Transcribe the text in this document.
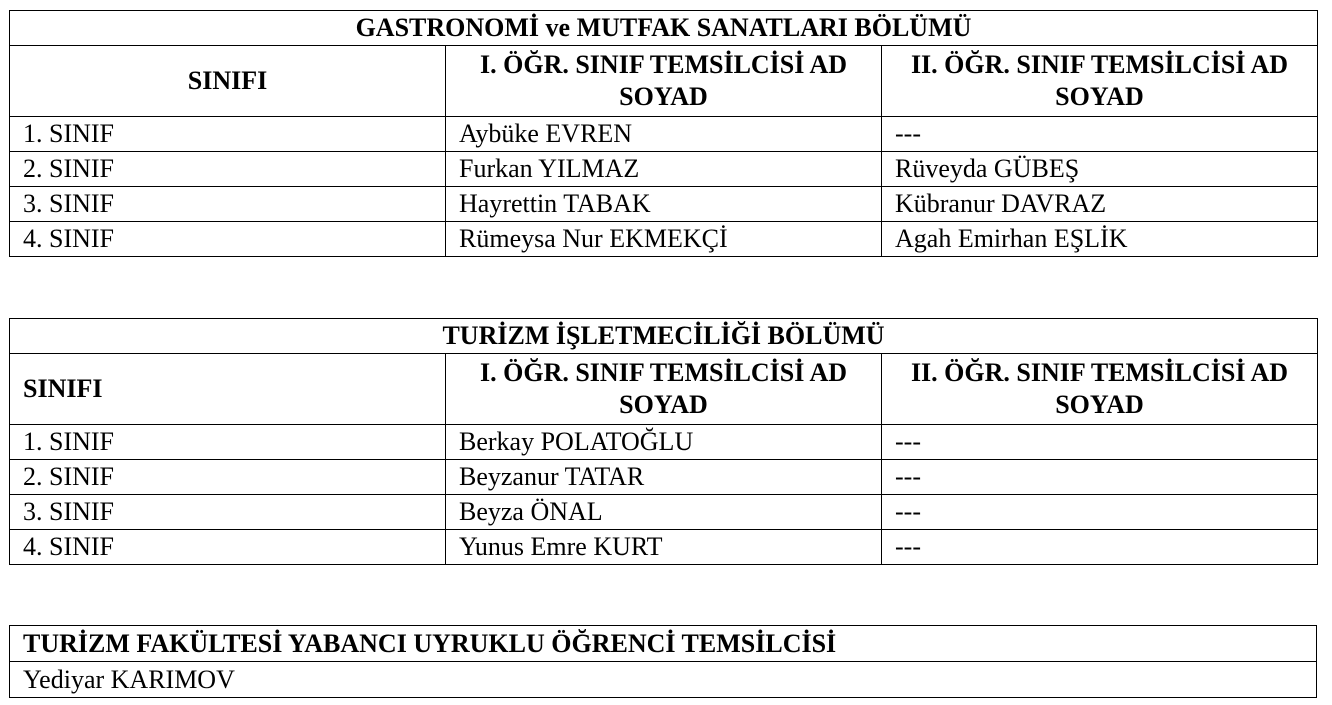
GASTRONOMİ ve MUTFAK SANATLARI BÖLÜMÜ		
SINIFI	I. ÖĞR. SINIF TEMSİLCİSİ AD SOYAD	II. ÖĞR. SINIF TEMSİLCİSİ AD SOYAD
1. SINIF	Aybüke EVREN	---
2. SINIF	Furkan YILMAZ	Rüveyda GÜBEŞ
3. SINIF	Hayrettin TABAK	Kübranur DAVRAZ
4. SINIF	Rümeysa Nur EKMEKÇİ	Agah Emirhan EŞLİK
TURİZM İŞLETMECİLİĞİ BÖLÜMÜ		
SINIFI	I. ÖĞR. SINIF TEMSİLCİSİ AD SOYAD	II. ÖĞR. SINIF TEMSİLCİSİ AD SOYAD
1. SINIF	Berkay POLATOĞLU	---
2. SINIF	Beyzanur TATAR	---
3. SINIF	Beyza ÖNAL	---
4. SINIF	Yunus Emre KURT	---
TURİZM FAKÜLTESİ YABANCI UYRUKLU ÖĞRENCİ TEMSİLCİSİ
Yediyar KARIMOV
